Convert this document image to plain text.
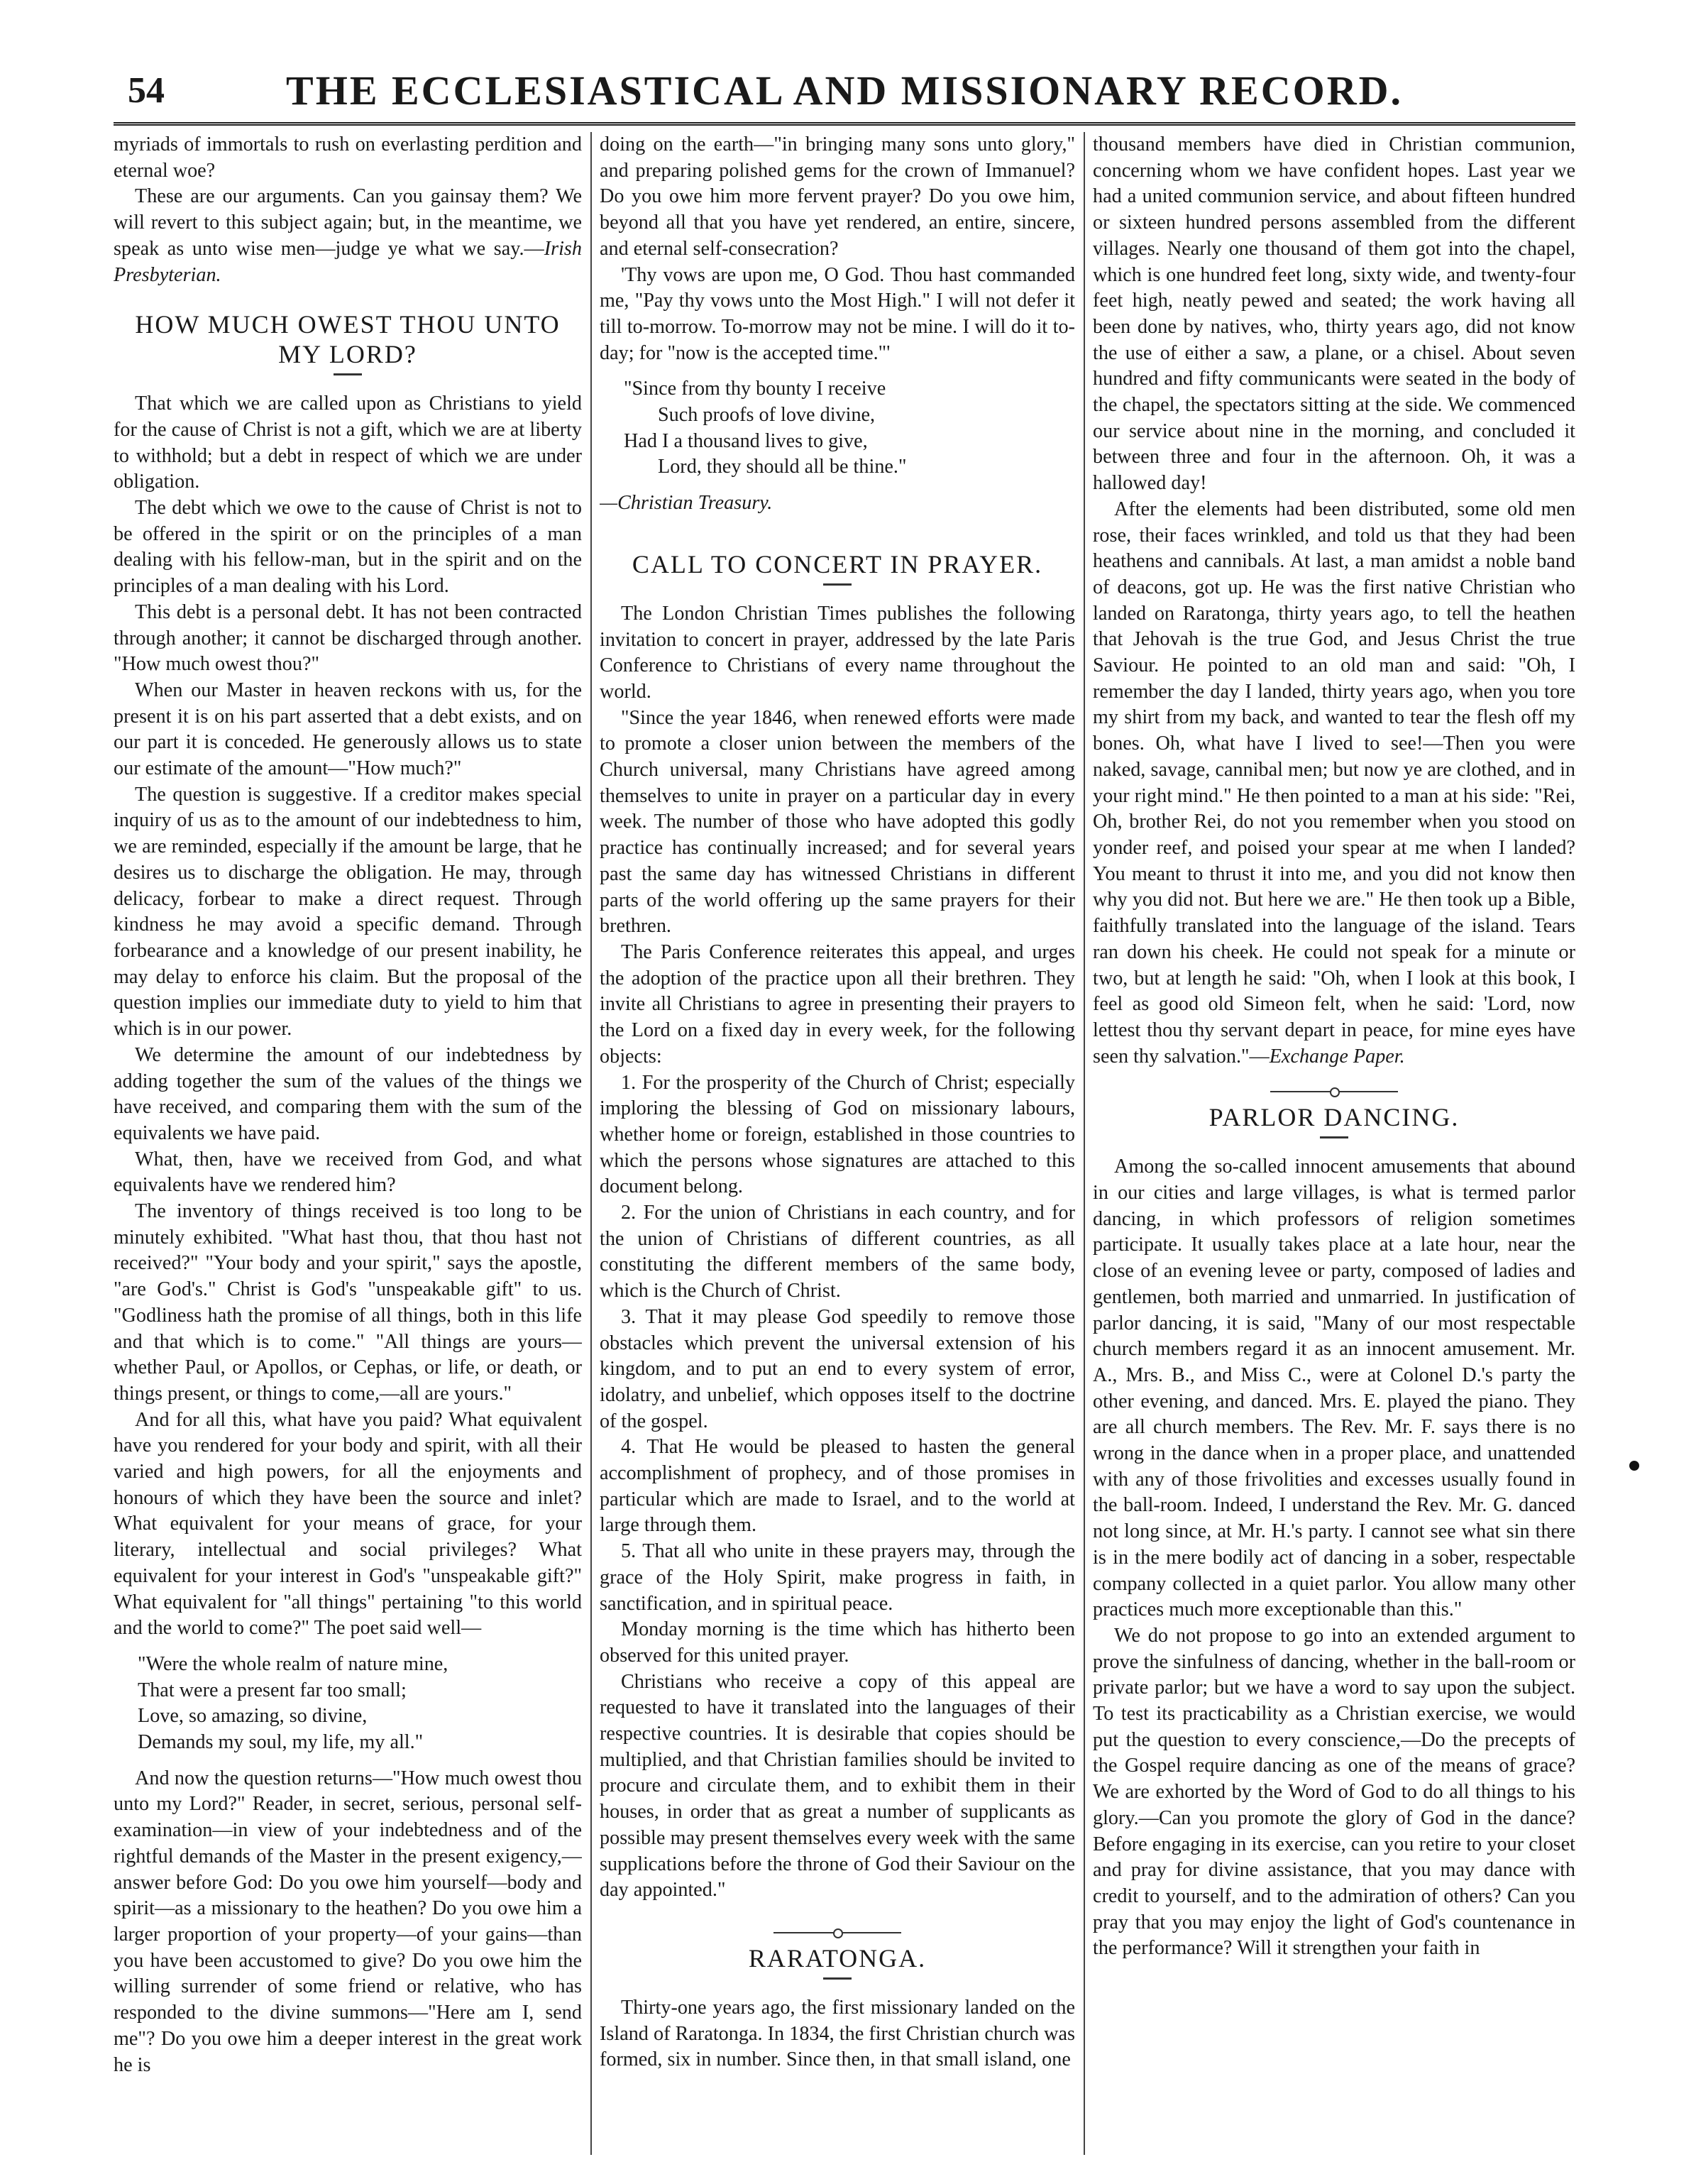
54	THE ECCLESIASTICAL AND MISSIONARY RECORD.

myriads of immortals to rush on everlasting perdition and eternal woe?

These are our arguments. Can you gainsay them? We will revert to this subject again; but, in the meantime, we speak as unto wise men—judge ye what we say.—Irish Presbyterian.

HOW MUCH OWEST THOU UNTO MY LORD?

That which we are called upon as Christians to yield for the cause of Christ is not a gift, which we are at liberty to withhold; but a debt in respect of which we are under obligation.

The debt which we owe to the cause of Christ is not to be offered in the spirit or on the principles of a man dealing with his fellow-man, but in the spirit and on the principles of a man dealing with his Lord.

This debt is a personal debt. It has not been contracted through another; it cannot be discharged through another. "How much owest thou?"

When our Master in heaven reckons with us, for the present it is on his part asserted that a debt exists, and on our part it is conceded. He generously allows us to state our estimate of the amount—"How much?"

The question is suggestive. If a creditor makes special inquiry of us as to the amount of our indebtedness to him, we are reminded, especially if the amount be large, that he desires us to discharge the obligation. He may, through delicacy, forbear to make a direct request. Through kindness he may avoid a specific demand. Through forbearance and a knowledge of our present inability, he may delay to enforce his claim. But the proposal of the question implies our immediate duty to yield to him that which is in our power.

We determine the amount of our indebtedness by adding together the sum of the values of the things we have received, and comparing them with the sum of the equivalents we have paid.

What, then, have we received from God, and what equivalents have we rendered him?

The inventory of things received is too long to be minutely exhibited. "What hast thou, that thou hast not received?" "Your body and your spirit," says the apostle, "are God's." Christ is God's "unspeakable gift" to us. "Godliness hath the promise of all things, both in this life and that which is to come." "All things are yours—whether Paul, or Apollos, or Cephas, or life, or death, or things present, or things to come,—all are yours."

And for all this, what have you paid? What equivalent have you rendered for your body and spirit, with all their varied and high powers, for all the enjoyments and honours of which they have been the source and inlet? What equivalent for your means of grace, for your literary, intellectual and social privileges? What equivalent for your interest in God's "unspeakable gift?" What equivalent for "all things" pertaining "to this world and the world to come?" The poet said well—

"Were the whole realm of nature mine,
That were a present far too small;
Love, so amazing, so divine,
Demands my soul, my life, my all."

And now the question returns—"How much owest thou unto my Lord?" Reader, in secret, serious, personal self-examination—in view of your indebtedness and of the rightful demands of the Master in the present exigency,—answer before God: Do you owe him yourself—body and spirit—as a missionary to the heathen? Do you owe him a larger proportion of your property—of your gains—than you have been accustomed to give? Do you owe him the willing surrender of some friend or relative, who has responded to the divine summons—"Here am I, send me"? Do you owe him a deeper interest in the great work he is

doing on the earth—"in bringing many sons unto glory," and preparing polished gems for the crown of Immanuel? Do you owe him more fervent prayer? Do you owe him, beyond all that you have yet rendered, an entire, sincere, and eternal self-consecration?

'Thy vows are upon me, O God. Thou hast commanded me, "Pay thy vows unto the Most High." I will not defer it till to-morrow. To-morrow may not be mine. I will do it to-day; for "now is the accepted time."'

"Since from thy bounty I receive
Such proofs of love divine,
Had I a thousand lives to give,
Lord, they should all be thine."

—Christian Treasury.

CALL TO CONCERT IN PRAYER.

The London Christian Times publishes the following invitation to concert in prayer, addressed by the late Paris Conference to Christians of every name throughout the world.

"Since the year 1846, when renewed efforts were made to promote a closer union between the members of the Church universal, many Christians have agreed among themselves to unite in prayer on a particular day in every week. The number of those who have adopted this godly practice has continually increased; and for several years past the same day has witnessed Christians in different parts of the world offering up the same prayers for their brethren.

The Paris Conference reiterates this appeal, and urges the adoption of the practice upon all their brethren. They invite all Christians to agree in presenting their prayers to the Lord on a fixed day in every week, for the following objects:

1. For the prosperity of the Church of Christ; especially imploring the blessing of God on missionary labours, whether home or foreign, established in those countries to which the persons whose signatures are attached to this document belong.

2. For the union of Christians in each country, and for the union of Christians of different countries, as all constituting the different members of the same body, which is the Church of Christ.

3. That it may please God speedily to remove those obstacles which prevent the universal extension of his kingdom, and to put an end to every system of error, idolatry, and unbelief, which opposes itself to the doctrine of the gospel.

4. That He would be pleased to hasten the general accomplishment of prophecy, and of those promises in particular which are made to Israel, and to the world at large through them.

5. That all who unite in these prayers may, through the grace of the Holy Spirit, make progress in faith, in sanctification, and in spiritual peace.

Monday morning is the time which has hitherto been observed for this united prayer.

Christians who receive a copy of this appeal are requested to have it translated into the languages of their respective countries. It is desirable that copies should be multiplied, and that Christian families should be invited to procure and circulate them, and to exhibit them in their houses, in order that as great a number of supplicants as possible may present themselves every week with the same supplications before the throne of God their Saviour on the day appointed."

RARATONGA.

Thirty-one years ago, the first missionary landed on the Island of Raratonga. In 1834, the first Christian church was formed, six in number. Since then, in that small island, one

thousand members have died in Christian communion, concerning whom we have confident hopes. Last year we had a united communion service, and about fifteen hundred or sixteen hundred persons assembled from the different villages. Nearly one thousand of them got into the chapel, which is one hundred feet long, sixty wide, and twenty-four feet high, neatly pewed and seated; the work having all been done by natives, who, thirty years ago, did not know the use of either a saw, a plane, or a chisel. About seven hundred and fifty communicants were seated in the body of the chapel, the spectators sitting at the side. We commenced our service about nine in the morning, and concluded it between three and four in the afternoon. Oh, it was a hallowed day!

After the elements had been distributed, some old men rose, their faces wrinkled, and told us that they had been heathens and cannibals. At last, a man amidst a noble band of deacons, got up. He was the first native Christian who landed on Raratonga, thirty years ago, to tell the heathen that Jehovah is the true God, and Jesus Christ the true Saviour. He pointed to an old man and said: "Oh, I remember the day I landed, thirty years ago, when you tore my shirt from my back, and wanted to tear the flesh off my bones. Oh, what have I lived to see!—Then you were naked, savage, cannibal men; but now ye are clothed, and in your right mind." He then pointed to a man at his side: "Rei, Oh, brother Rei, do not you remember when you stood on yonder reef, and poised your spear at me when I landed? You meant to thrust it into me, and you did not know then why you did not. But here we are." He then took up a Bible, faithfully translated into the language of the island. Tears ran down his cheek. He could not speak for a minute or two, but at length he said: "Oh, when I look at this book, I feel as good old Simeon felt, when he said: 'Lord, now lettest thou thy servant depart in peace, for mine eyes have seen thy salvation."—Exchange Paper.

PARLOR DANCING.

Among the so-called innocent amusements that abound in our cities and large villages, is what is termed parlor dancing, in which professors of religion sometimes participate. It usually takes place at a late hour, near the close of an evening levee or party, composed of ladies and gentlemen, both married and unmarried. In justification of parlor dancing, it is said, "Many of our most respectable church members regard it as an innocent amusement. Mr. A., Mrs. B., and Miss C., were at Colonel D.'s party the other evening, and danced. Mrs. E. played the piano. They are all church members. The Rev. Mr. F. says there is no wrong in the dance when in a proper place, and unattended with any of those frivolities and excesses usually found in the ball-room. Indeed, I understand the Rev. Mr. G. danced not long since, at Mr. H.'s party. I cannot see what sin there is in the mere bodily act of dancing in a sober, respectable company collected in a quiet parlor. You allow many other practices much more exceptionable than this."

We do not propose to go into an extended argument to prove the sinfulness of dancing, whether in the ball-room or private parlor; but we have a word to say upon the subject. To test its practicability as a Christian exercise, we would put the question to every conscience,—Do the precepts of the Gospel require dancing as one of the means of grace? We are exhorted by the Word of God to do all things to his glory.—Can you promote the glory of God in the dance? Before engaging in its exercise, can you retire to your closet and pray for divine assistance, that you may dance with credit to yourself, and to the admiration of others? Can you pray that you may enjoy the light of God's countenance in the performance? Will it strengthen your faith in
